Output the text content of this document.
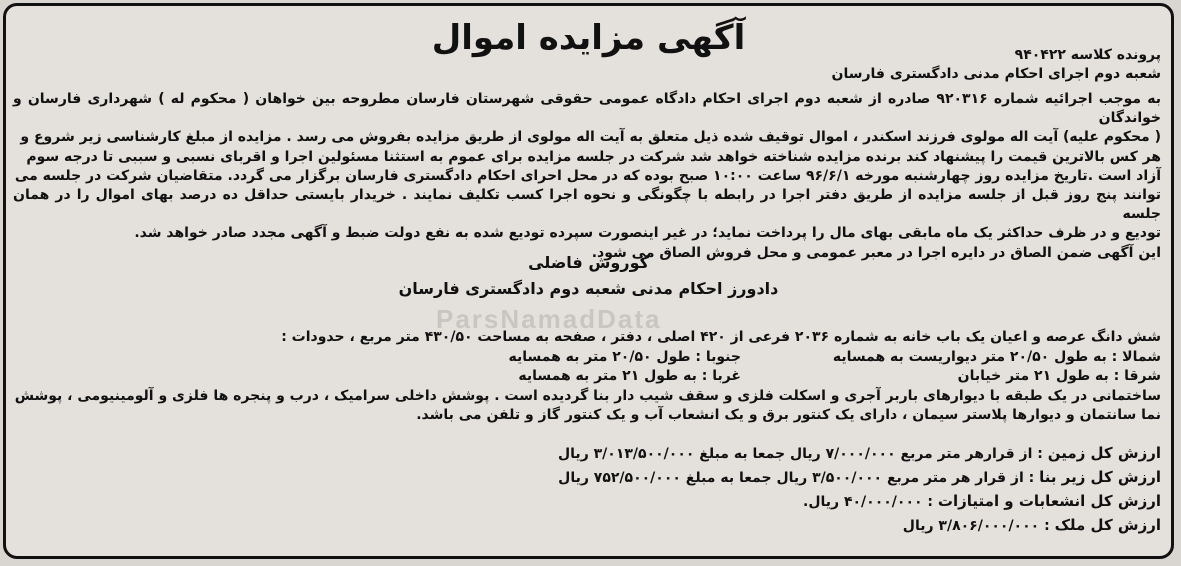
آگهی مزایده اموال	پرونده کلاسه ۹۴۰۴۲۲
شعبه دوم اجرای احکام مدنی دادگستری فارسان
به موجب اجرائیه شماره ۹۲۰۳۱۶ صادره از شعبه دوم اجرای احکام دادگاه عمومی حقوقی شهرستان فارسان مطروحه بین خواهان ( محکوم له ) شهرداری فارسان و خواندگان
( محکوم علیه) آیت اله مولوی فرزند اسکندر ، اموال توقیف شده ذیل متعلق به آیت اله مولوی از طریق مزایده بفروش می رسد . مزایده از مبلغ کارشناسی زیر شروع و
هر کس بالاترین قیمت را پیشنهاد کند برنده مزایده شناخته خواهد شد شرکت در جلسه مزایده برای عموم به استثنا مسئولین اجرا و اقربای نسبی و سببی تا درجه سوم
آزاد است .تاریخ مزایده روز چهارشنبه مورخه ۹۶/۶/۱ ساعت ۱۰:۰۰ صبح بوده که در محل احرای احکام دادگستری فارسان برگزار می گردد. متقاضیان شرکت در جلسه می
توانند پنج روز قبل از جلسه مزایده از طریق دفتر اجرا در رابطه با چگونگی و نحوه اجرا کسب تکلیف نمایند . خریدار بایستی حداقل ده درصد بهای اموال را در همان جلسه
تودیع و در ظرف حداکثر یک ماه مابقی بهای مال را پرداخت نماید؛ در غیر اینصورت سپرده تودیع شده به نفع دولت ضبط و آگهی مجدد صادر خواهد شد.
این آگهی ضمن الصاق در دایره اجرا در معبر عمومی و محل فروش الصاق می شود.
کوروش فاضلی
دادورز احکام مدنی شعبه دوم دادگستری فارسان
ParsNamadData
شش دانگ عرصه و اعیان یک باب خانه به شماره ۲۰۳۶ فرعی از ۴۲۰ اصلی ، دفتر ، صفحه به مساحت ۴۳۰/۵۰ متر مربع ، حدودات :
شمالا : به طول ۲۰/۵۰ متر دیواریست به همسایهجنوبا : طول ۲۰/۵۰ متر به همسایه
شرقا : به طول ۲۱ متر خیابانغربا : به طول ۲۱ متر به همسایه
ساختمانی در یک طبقه با دیوارهای باربر آجری و اسکلت فلزی و سقف شیب دار بنا گردیده است . پوشش داخلی سرامیک ، درب و پنجره ها فلزی و آلومینیومی ، پوشش
نما سانتمان و دیوارها پلاستر سیمان ، دارای یک کنتور برق و یک انشعاب آب و یک کنتور گاز و تلفن می باشد.
ارزش کل زمین : از قرارهر متر مربع ۷/۰۰۰/۰۰۰ ریال جمعا به مبلغ ۳/۰۱۳/۵۰۰/۰۰۰ ریال
ارزش کل زیر بنا : از قرار هر متر مربع ۳/۵۰۰/۰۰۰ ریال جمعا به مبلغ ۷۵۲/۵۰۰/۰۰۰ ریال
ارزش کل انشعابات و امتیازات : ۴۰/۰۰۰/۰۰۰ ریال.
ارزش کل ملک : ۳/۸۰۶/۰۰۰/۰۰۰ ریال
